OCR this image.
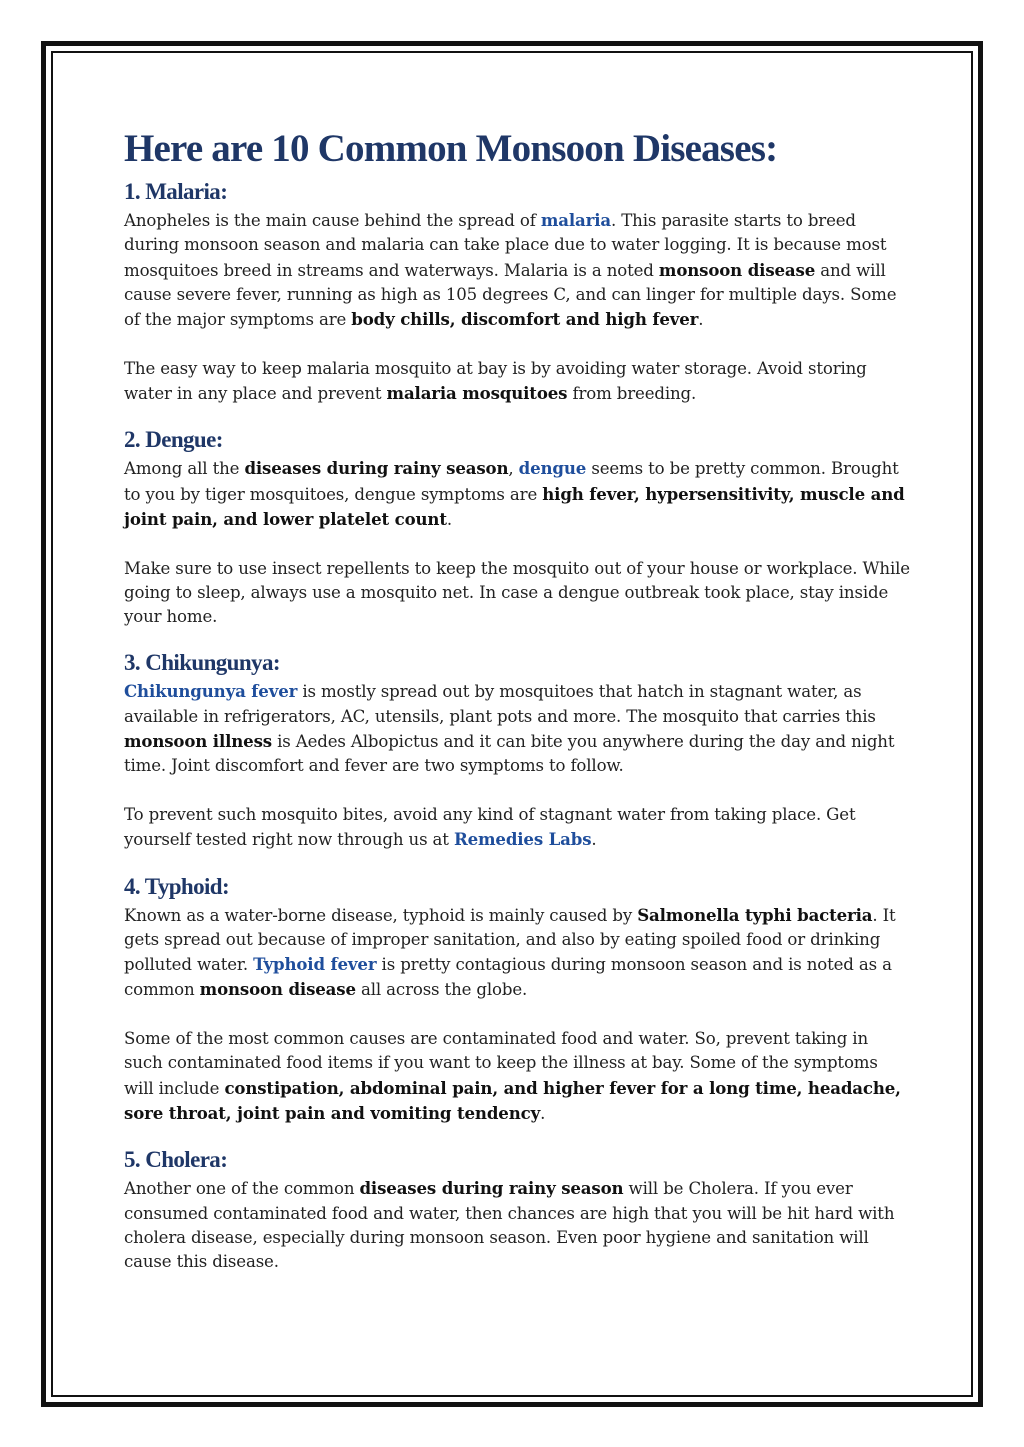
Here are 10 Common Monsoon Diseases:
1. Malaria:

Anopheles is the main cause behind the spread of malaria. This parasite starts to breed during monsoon season and malaria can take place due to water logging. It is because most mosquitoes breed in streams and waterways. Malaria is a noted monsoon disease and will cause severe fever, running as high as 105 degrees C, and can linger for multiple days. Some of the major symptoms are body chills, discomfort and high fever.

The easy way to keep malaria mosquito at bay is by avoiding water storage. Avoid storing water in any place and prevent malaria mosquitoes from breeding.

2. Dengue:

Among all the diseases during rainy season, dengue seems to be pretty common. Brought to you by tiger mosquitoes, dengue symptoms are high fever, hypersensitivity, muscle and joint pain, and lower platelet count.

Make sure to use insect repellents to keep the mosquito out of your house or workplace. While going to sleep, always use a mosquito net. In case a dengue outbreak took place, stay inside your home.

3. Chikungunya:

Chikungunya fever is mostly spread out by mosquitoes that hatch in stagnant water, as available in refrigerators, AC, utensils, plant pots and more. The mosquito that carries this monsoon illness is Aedes Albopictus and it can bite you anywhere during the day and night time. Joint discomfort and fever are two symptoms to follow.

To prevent such mosquito bites, avoid any kind of stagnant water from taking place. Get yourself tested right now through us at Remedies Labs.

4. Typhoid:

Known as a water-borne disease, typhoid is mainly caused by Salmonella typhi bacteria. It gets spread out because of improper sanitation, and also by eating spoiled food or drinking polluted water. Typhoid fever is pretty contagious during monsoon season and is noted as a common monsoon disease all across the globe.

Some of the most common causes are contaminated food and water. So, prevent taking in such contaminated food items if you want to keep the illness at bay. Some of the symptoms will include constipation, abdominal pain, and higher fever for a long time, headache, sore throat, joint pain and vomiting tendency.

5. Cholera:

Another one of the common diseases during rainy season will be Cholera. If you ever consumed contaminated food and water, then chances are high that you will be hit hard with cholera disease, especially during monsoon season. Even poor hygiene and sanitation will cause this disease.
